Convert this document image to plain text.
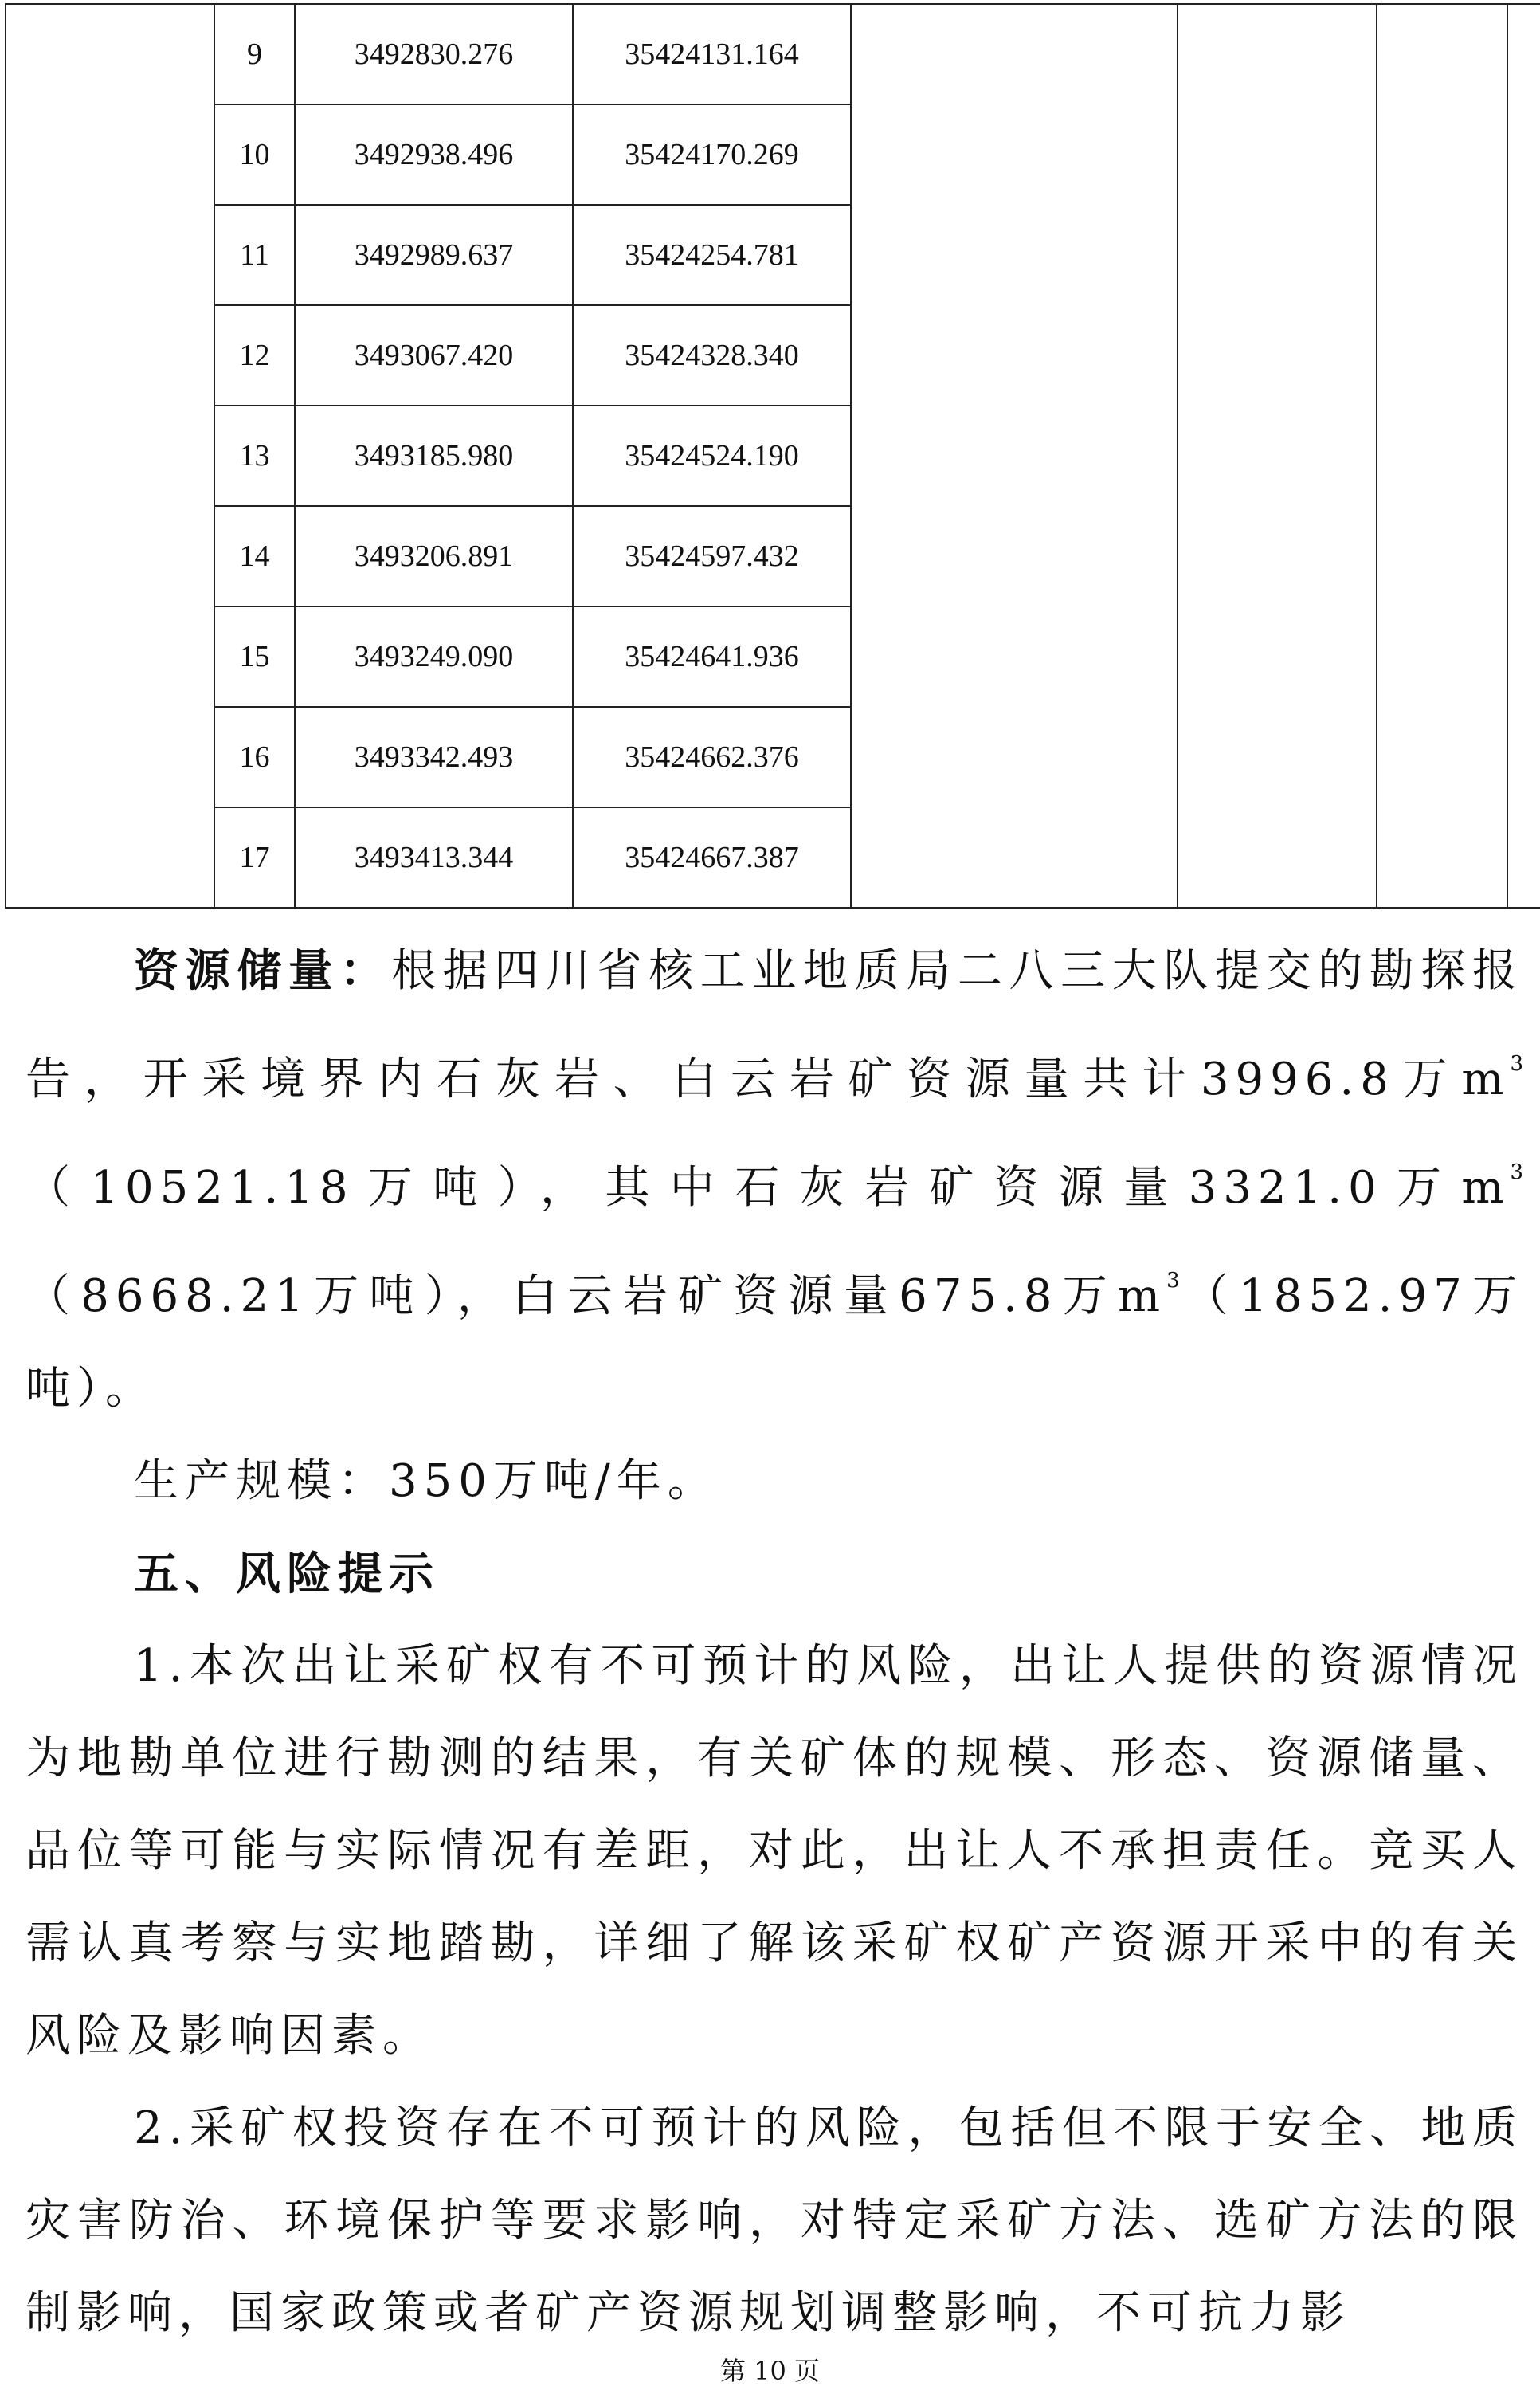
	9	3492830.276	35424131.164					
	10	3492938.496	35424170.269					
	11	3492989.637	35424254.781					
	12	3493067.420	35424328.340					
	13	3493185.980	35424524.190					
	14	3493206.891	35424597.432					
	15	3493249.090	35424641.936					
	16	3493342.493	35424662.376					
	17	3493413.344	35424667.387					

资源储量：根据四川省核工业地质局二八三大队提交的勘探报告，开采境界内石灰岩、白云岩矿资源量共计3996.8万$m^3(10521.18$万吨），其中石灰岩矿资源量3321.0万$m^3(8668.21$万吨），白云岩矿资源量675.8万$m^3(1852.97$万吨）。

生产规模：350万吨/年。

五、风险提示

1.本次出让采矿权有不可预计的风险，出让人提供的资源情况为地勘单位进行勘测的结果，有关矿体的规模、形态、资源储量、品位等可能与实际情况有差距，对此，出让人不承担责任。竞买人需认真考察与实地踏勘，详细了解该采矿权矿产资源开采中的有关风险及影响因素。

2.采矿权投资存在不可预计的风险，包括但不限于安全、地质灾害防治、环境保护等要求影响，对特定采矿方法、选矿方法的限制影响，国家政策或者矿产资源规划调整影响，不可抗力影

第 10 页
